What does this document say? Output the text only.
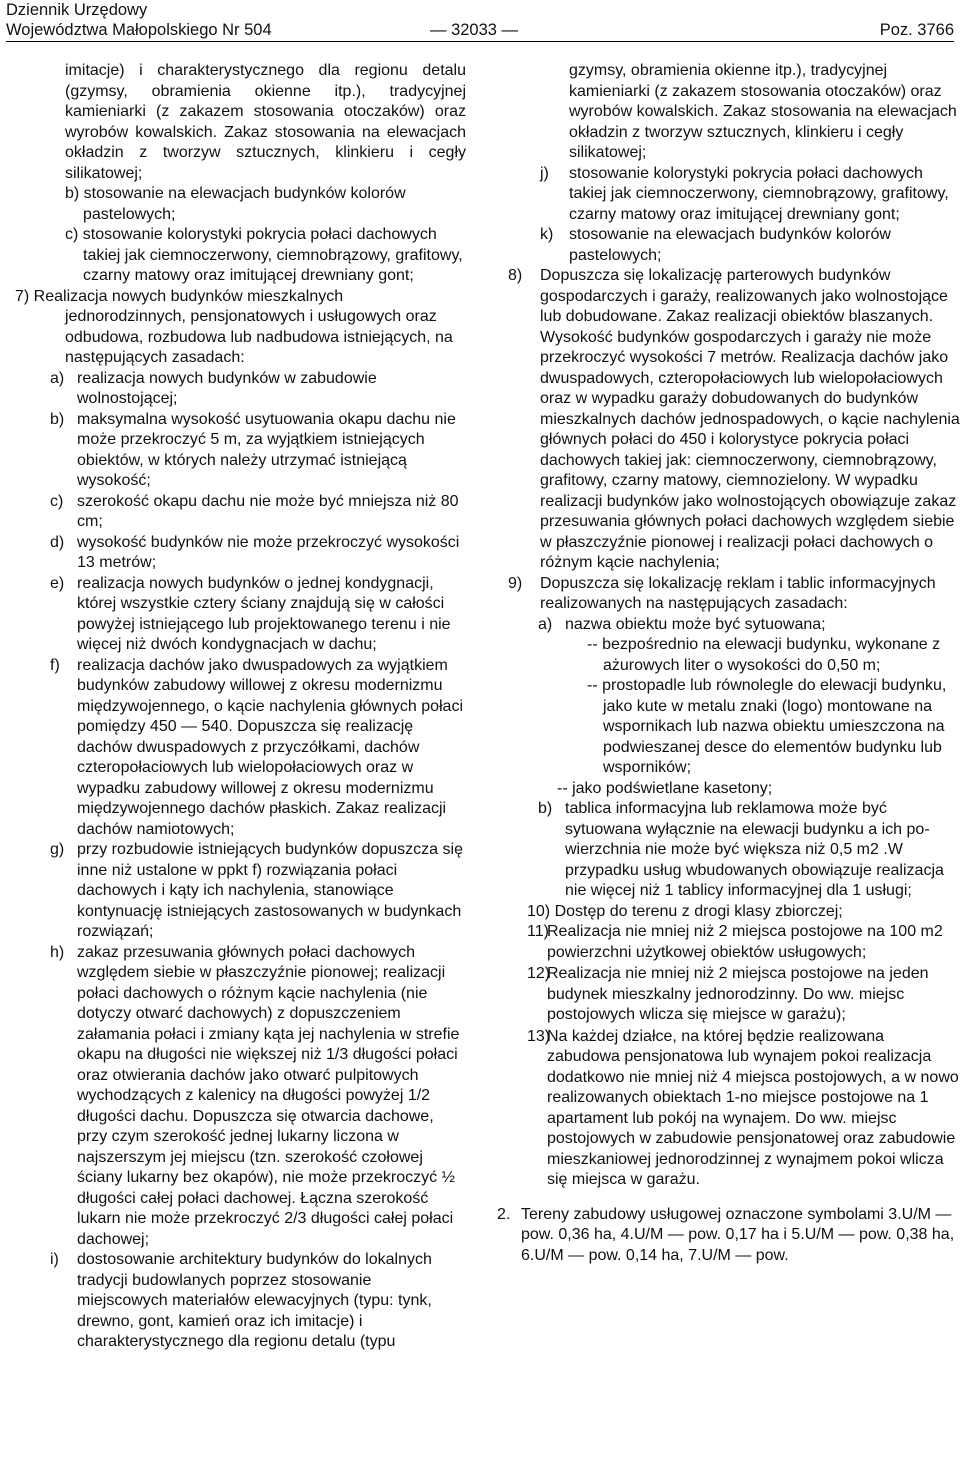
Dziennik Urzędowy
Województwa Małopolskiego Nr 504	— 32033 —	Poz. 3766

imitacje) i charakterystycznego dla regionu detalu (gzymsy, obramienia okienne itp.), tradycyjnej kamieniarki (z zakazem stosowania otoczaków) oraz wyrobów kowalskich. Zakaz stosowania na elewacjach okładzin z tworzyw sztucznych, klinkieru i cegły silikatowej;

b) stosowanie na elewacjach budynków kolorów pastelowych;

c) stosowanie kolorystyki pokrycia połaci dachowych takiej jak ciemnoczerwony, ciemnobrązowy, grafitowy, czarny matowy oraz imitującej drewniany gont;

7) Realizacja nowych budynków mieszkalnych jednorodzinnych, pensjonatowych i usługowych oraz odbudowa, rozbudowa lub nadbudowa istniejących, na następujących zasadach:

a) realizacja nowych budynków w zabudowie wolnostojącej;

b) maksymalna wysokość usytuowania okapu dachu nie może przekroczyć 5 m, za wyjątkiem istniejących obiektów, w których należy utrzymać istniejącą wysokość;

c) szerokość okapu dachu nie może być mniejsza niż 80 cm;

d) wysokość budynków nie może przekroczyć wysokości 13 metrów;

e) realizacja nowych budynków o jednej kondygnacji, której wszystkie cztery ściany znajdują się w całości powyżej istniejącego lub projektowanego terenu i nie więcej niż dwóch kondygnacjach w dachu;

f) realizacja dachów jako dwuspadowych za wyjątkiem budynków zabudowy willowej z okresu modernizmu międzywojennego, o kącie nachylenia głównych połaci pomiędzy 450 — 540. Dopuszcza się realizację dachów dwuspadowych z przyczółkami, dachów czteropołaciowych lub wielopołaciowych oraz w wypadku zabudowy willowej z okresu modernizmu międzywojennego dachów płaskich. Zakaz realizacji dachów namiotowych;

g) przy rozbudowie istniejących budynków dopuszcza się inne niż ustalone w ppkt f) rozwiązania połaci dachowych i kąty ich nachylenia, stanowiące kontynuację istniejących zastosowanych w budynkach rozwiązań;

h) zakaz przesuwania głównych połaci dachowych względem siebie w płaszczyźnie pionowej; realizacji połaci dachowych o różnym kącie nachylenia (nie dotyczy otwarć dachowych) z dopuszczeniem załamania połaci i zmiany kąta jej nachylenia w strefie okapu na długości nie większej niż 1/3 długości połaci oraz otwierania dachów jako otwarć pulpitowych wychodzących z kalenicy na długości powyżej 1/2 długości dachu. Dopuszcza się otwarcia dachowe, przy czym szerokość jednej lukarny liczona w najszerszym jej miejscu (tzn. szerokość czołowej ściany lukarny bez okapów), nie może przekroczyć ½ długości całej połaci dachowej. Łączna szerokość lukarn nie może przekroczyć 2/3 długości całej połaci dachowej;

i) dostosowanie architektury budynków do lokalnych tradycji budowlanych poprzez stosowanie miejscowych materiałów elewacyjnych (typu: tynk, drewno, gont, kamień oraz ich imitacje) i charakterystycznego dla regionu detalu (typu

gzymsy, obramienia okienne itp.), tradycyjnej kamieniarki (z zakazem stosowania otoczaków) oraz wyrobów kowalskich. Zakaz stosowania na elewacjach okładzin z tworzyw sztucznych, klinkieru i cegły silikatowej;

j) stosowanie kolorystyki pokrycia połaci dachowych takiej jak ciemnoczerwony, ciemnobrązowy, grafitowy, czarny matowy oraz imitującej drewniany gont;

k) stosowanie na elewacjach budynków kolorów pastelowych;

8) Dopuszcza się lokalizację parterowych budynków gospodarczych i garaży, realizowanych jako wolnostojące lub dobudowane. Zakaz realizacji obiektów blaszanych. Wysokość budynków gospodarczych i garaży nie może przekroczyć wysokości 7 metrów. Realizacja dachów jako dwuspadowych, czteropołaciowych lub wielopołaciowych oraz w wypadku garaży dobudowanych do budynków mieszkalnych dachów jednospadowych, o kącie nachylenia głównych połaci do 450 i kolorystyce pokrycia połaci dachowych takiej jak: ciemnoczerwony, ciemnobrązowy, grafitowy, czarny matowy, ciemnozielony. W wypadku realizacji budynków jako wolnostojących obowiązuje zakaz przesuwania głównych połaci dachowych względem siebie w płaszczyźnie pionowej i realizacji połaci dachowych o różnym kącie nachylenia;

9) Dopuszcza się lokalizację reklam i tablic informacyjnych realizowanych na następujących zasadach:

a) nazwa obiektu może być sytuowana;

-- bezpośrednio na elewacji budynku, wykonane z ażurowych liter o wysokości do 0,50 m;

-- prostopadle lub równolegle do elewacji budynku, jako kute w metalu znaki (logo) montowane na wspornikach lub nazwa obiektu umieszczona na podwieszanej desce do elementów budynku lub wsporników;

-- jako podświetlane kasetony;

b) tablica informacyjna lub reklamowa może być sytuowana wyłącznie na elewacji budynku a ich po-wierzchnia nie może być większa niż 0,5 m2 .W przypadku usług wbudowanych obowiązuje realizacja nie więcej niż 1 tablicy informacyjnej dla 1 usługi;

10) Dostęp do terenu z drogi klasy zbiorczej;

11)

Realizacja nie mniej niż 2 miejsca postojowe na 100 m2 powierzchni użytkowej obiektów usługowych;

12)

Realizacja nie mniej niż 2 miejsca postojowe na jeden budynek mieszkalny jednorodzinny. Do ww. miejsc postojowych wlicza się miejsce w garażu);

13)

Na każdej działce, na której będzie realizowana zabudowa pensjonatowa lub wynajem pokoi realizacja dodatkowo nie mniej niż 4 miejsca postojowych, a w nowo realizowanych obiektach 1-no miejsce postojowe na 1 apartament lub pokój na wynajem. Do ww. miejsc postojowych w zabudowie pensjonatowej oraz zabudowie mieszkaniowej jednorodzinnej z wynajmem pokoi wlicza się miejsca w garażu.

2. Tereny zabudowy usługowej oznaczone symbolami 3.U/M — pow. 0,36 ha, 4.U/M — pow. 0,17 ha i 5.U/M — pow. 0,38 ha, 6.U/M — pow. 0,14 ha, 7.U/M — pow.
